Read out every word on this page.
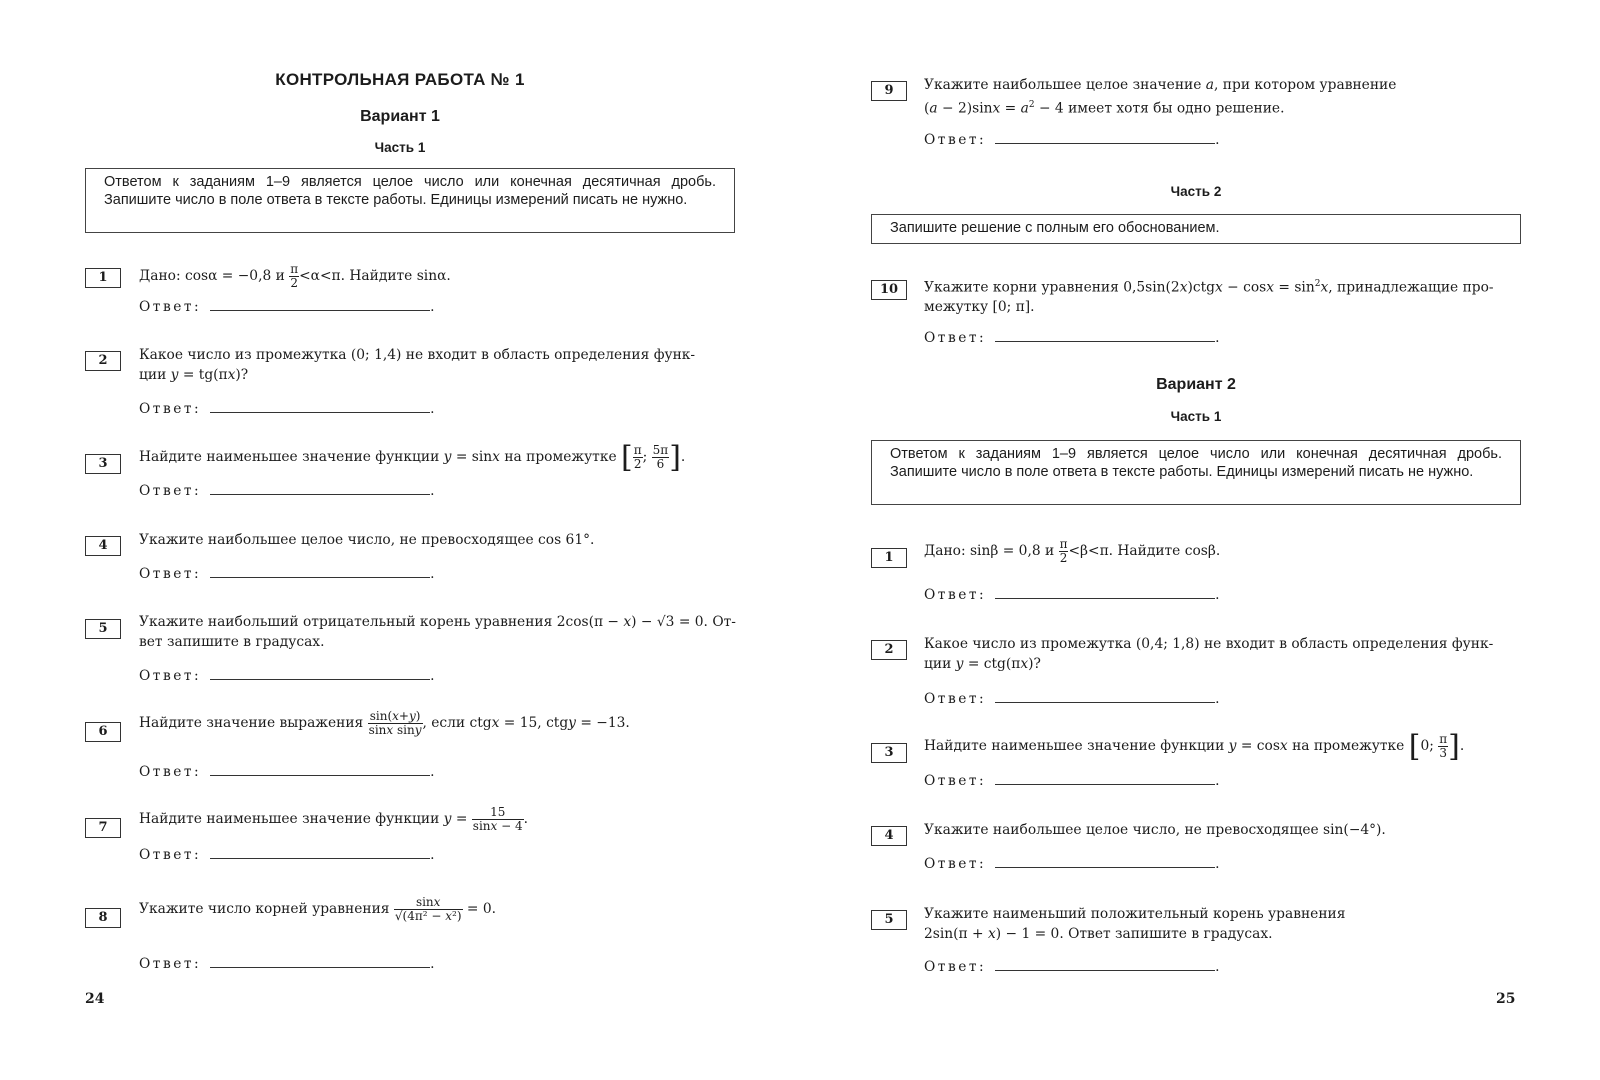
КОНТРОЛЬНАЯ РАБОТА № 1
Вариант 1
Часть 1
Ответом к заданиям 1–9 является целое число или конечная десятичная дробь. Запишите число в поле ответа в тексте работы. Единицы измерений писать не нужно.
1	Дано: cosα = −0,8 и $\frac{\pi}{2} <\alpha<\pi$. Найдите sinα.
Ответ:	.
2	Какое число из промежутка (0; 1,4) не входит в область определения функ-
ции y = tg(πx)?
Ответ:	.
3	Найдите наименьшее значение функции y = sinx на промежутке [ $\frac{\pi}{2}$ ; $\frac{5\pi}{6}$ ].
Ответ:	.
4	Укажите наибольшее целое число, не превосходящее cos 61°.
Ответ:	.
5	Укажите наибольший отрицательный корень уравнения 2cos(π − x) − √3 = 0. От-
вет запишите в градусах.
Ответ:	.
6
Найдите значение выражения $\frac{\sin(x+y)}{\text{sinx siny}}$ , если ctgx = 15, ctgy = −13.
Ответ:	.
7
Найдите наименьшее значение функции $y = \frac{15}{\sin x - 4}$ .
Ответ:	.
8
Укажите число корней уравнения $\frac{\sin x}{\text{√(4π² − x²)}} = 0$.
Ответ:	.
24
9	Укажите наибольшее целое значение a, при котором уравнение
$(a - 2)\sin x = a^2 - 4$ имеет хотя бы одно решение.
Ответ:	.
Часть 2
Запишите решение с полным его обоснованием.
10	Укажите корни уравнения 0,5sin(2x)ctgx − $\cos x = \sin^2x$, принадлежащие про-
межутку [0; π].
Ответ:	.
Вариант 2
Часть 1
Ответом к заданиям 1–9 является целое число или конечная десятичная дробь. Запишите число в поле ответа в тексте работы. Единицы измерений писать не нужно.
1	Дано: sinβ = 0,8 и $\frac{\pi}{2} <\beta<\pi$. Найдите cosβ.
Ответ:	.
2	Какое число из промежутка (0,4; 1,8) не входит в область определения функ-
ции y = ctg(πx)?
Ответ:	.
3	Найдите наименьшее значение функции y = cosx на промежутке [0; $\frac{\pi}{3}$ ].
Ответ:	.
4	Укажите наибольшее целое число, не превосходящее sin(−4°).
Ответ:	.
5	Укажите наименьший положительный корень уравнения
2sin(π + x) − 1 = 0. Ответ запишите в градусах.
Ответ:	.
25
